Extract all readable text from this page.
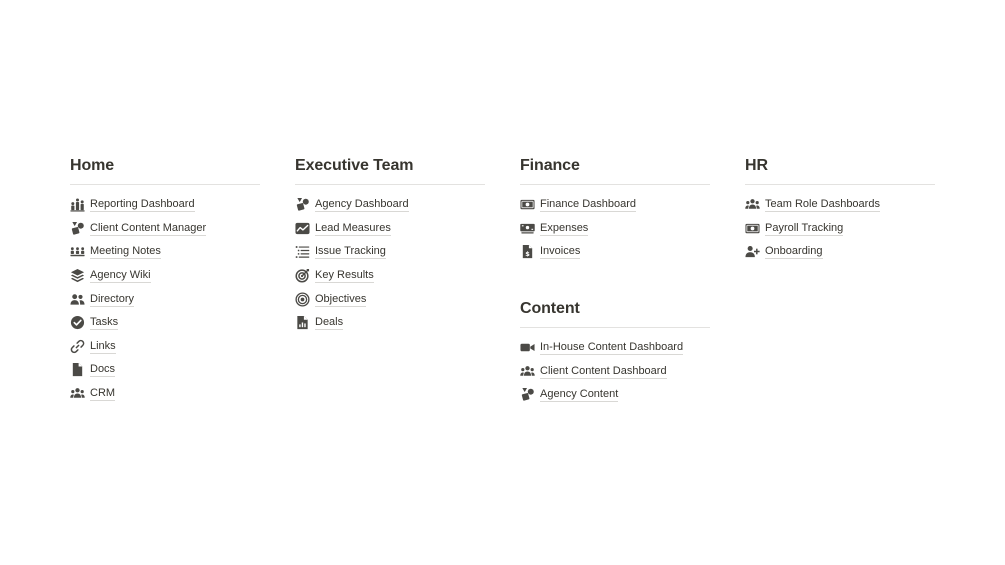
Home
Reporting Dashboard
Client Content Manager
Meeting Notes
Agency Wiki
Directory
Tasks
Links
Docs
CRM
Executive Team
Agency Dashboard
Lead Measures
Issue Tracking
Key Results
Objectives
Deals
Finance
Finance Dashboard
Expenses
$ Invoices
HR
Team Role Dashboards
Payroll Tracking
Onboarding
Content
In-House Content Dashboard
Client Content Dashboard
Agency Content
